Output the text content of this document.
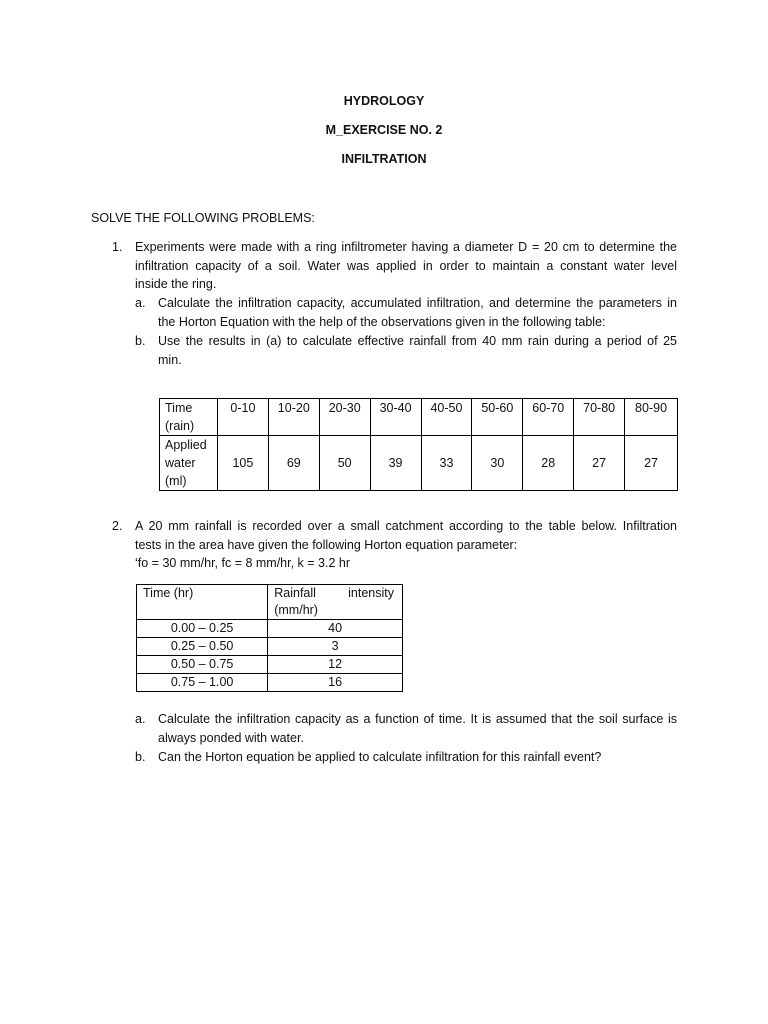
HYDROLOGY
M_EXERCISE NO. 2
INFILTRATION
SOLVE THE FOLLOWING PROBLEMS:
1. Experiments were made with a ring infiltrometer having a diameter D = 20 cm to determine the
infiltration capacity of a soil. Water was applied in order to maintain a constant water level
inside the ring.
a. Calculate the infiltration capacity, accumulated infiltration, and determine the parameters in
the Horton Equation with the help of the observations given in the following table:
b. Use the results in (a) to calculate effective rainfall from 40 mm rain during a period of 25
min.
Time
(rain)	0-10	10-20	20-30	30-40	40-50	50-60	60-70	70-80	80-90

Applied
water
(ml)	105	69	50	39	33	30	28	27	27
2. A 20 mm rainfall is recorded over a small catchment according to the table below. Infiltration
tests in the area have given the following Horton equation parameter:
‘fo = 30 mm/hr, fc = 8 mm/hr, k = 3.2 hr
Time (hr)	Rainfall intensity
(mm/hr)

0.00 – 0.25	40
0.25 – 0.50	3
0.50 – 0.75	12
0.75 – 1.00	16
a. Calculate the infiltration capacity as a function of time. It is assumed that the soil surface is
always ponded with water.
b. Can the Horton equation be applied to calculate infiltration for this rainfall event?
